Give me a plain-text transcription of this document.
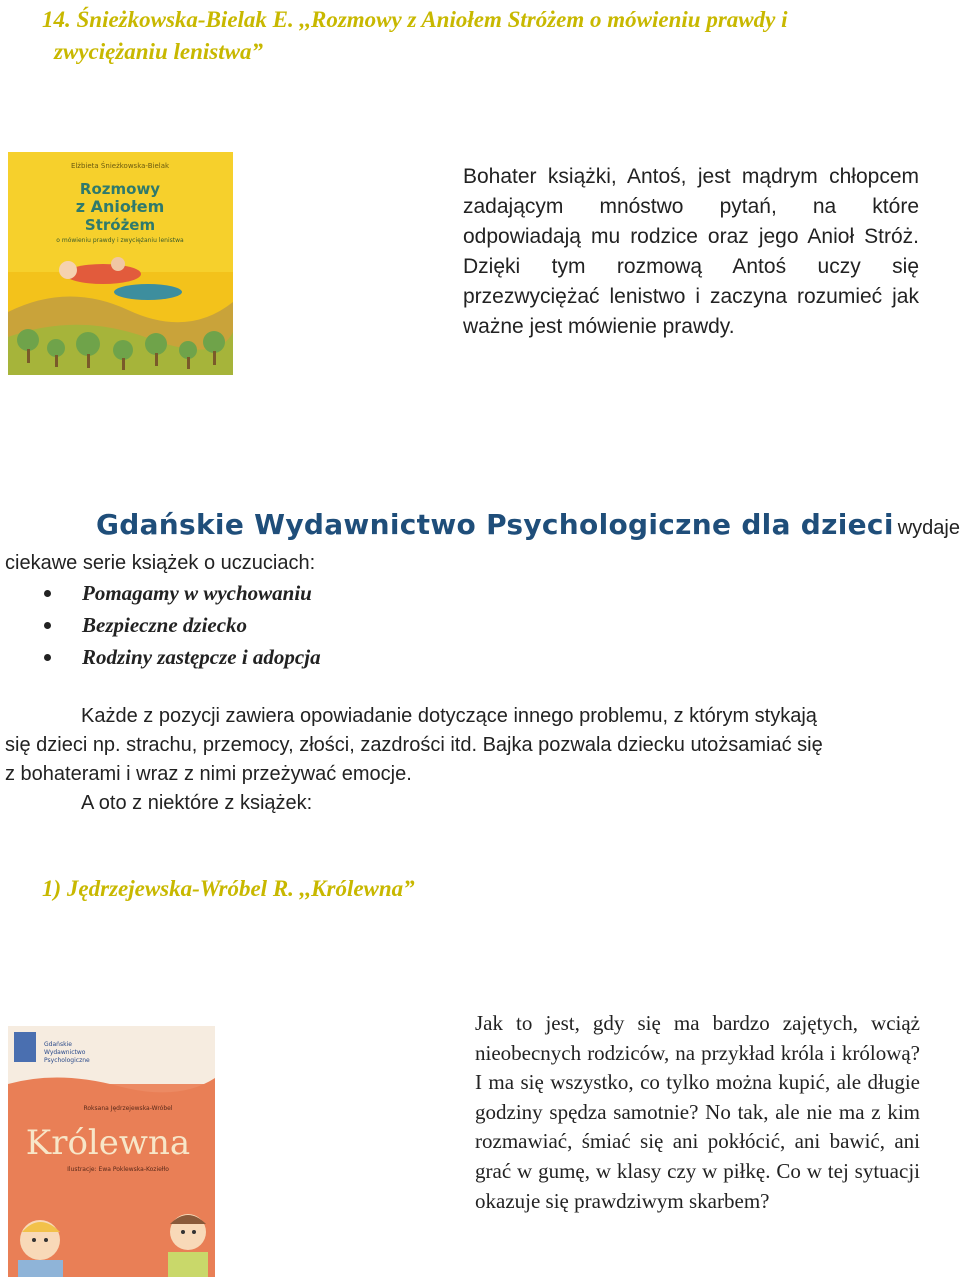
14. Śnieżkowska-Bielak E. ,,Rozmowy z Aniołem Stróżem o mówieniu prawdy i
zwyciężaniu lenistwa”
Elżbieta Śnieżkowska-Bielak
Rozmowy
z Aniołem
Stróżem
o mówieniu prawdy i zwyciężaniu lenistwa
Bohater książki, Antoś, jest mądrym chłopcem zadającym mnóstwo pytań, na które odpowiadają mu rodzice oraz jego Anioł Stróż. Dzięki tym rozmową Antoś uczy się przezwyciężać lenistwo i zaczyna rozumieć jak ważne jest mówienie prawdy.
Gdańskie Wydawnictwo Psychologiczne dla dzieci wydaje
ciekawe serie książek o uczuciach:
Pomagamy w wychowaniu
Bezpieczne dziecko
Rodziny zastępcze i adopcja
Każde z pozycji zawiera opowiadanie dotyczące innego problemu, z którym stykają
się dzieci np. strachu, przemocy, złości, zazdrości itd. Bajka pozwala dziecku utożsamiać się
z bohaterami i wraz z nimi przeżywać emocje.
A oto z niektóre z książek:
1) Jędrzejewska-Wróbel R. ,,Królewna”
Gdańskie
Wydawnictwo
Psychologiczne
Roksana Jędrzejewska-Wróbel
Królewna
Ilustracje: Ewa Poklewska-Koziełło
Jak to jest, gdy się ma bardzo zajętych, wciąż nieobecnych rodziców, na przykład króla i królową? I ma się wszystko, co tylko można kupić, ale długie godziny spędza samotnie? No tak, ale nie ma z kim rozmawiać, śmiać się ani pokłócić, ani bawić, ani grać w gumę, w klasy czy w piłkę. Co w tej sytuacji okazuje się prawdziwym skarbem?
